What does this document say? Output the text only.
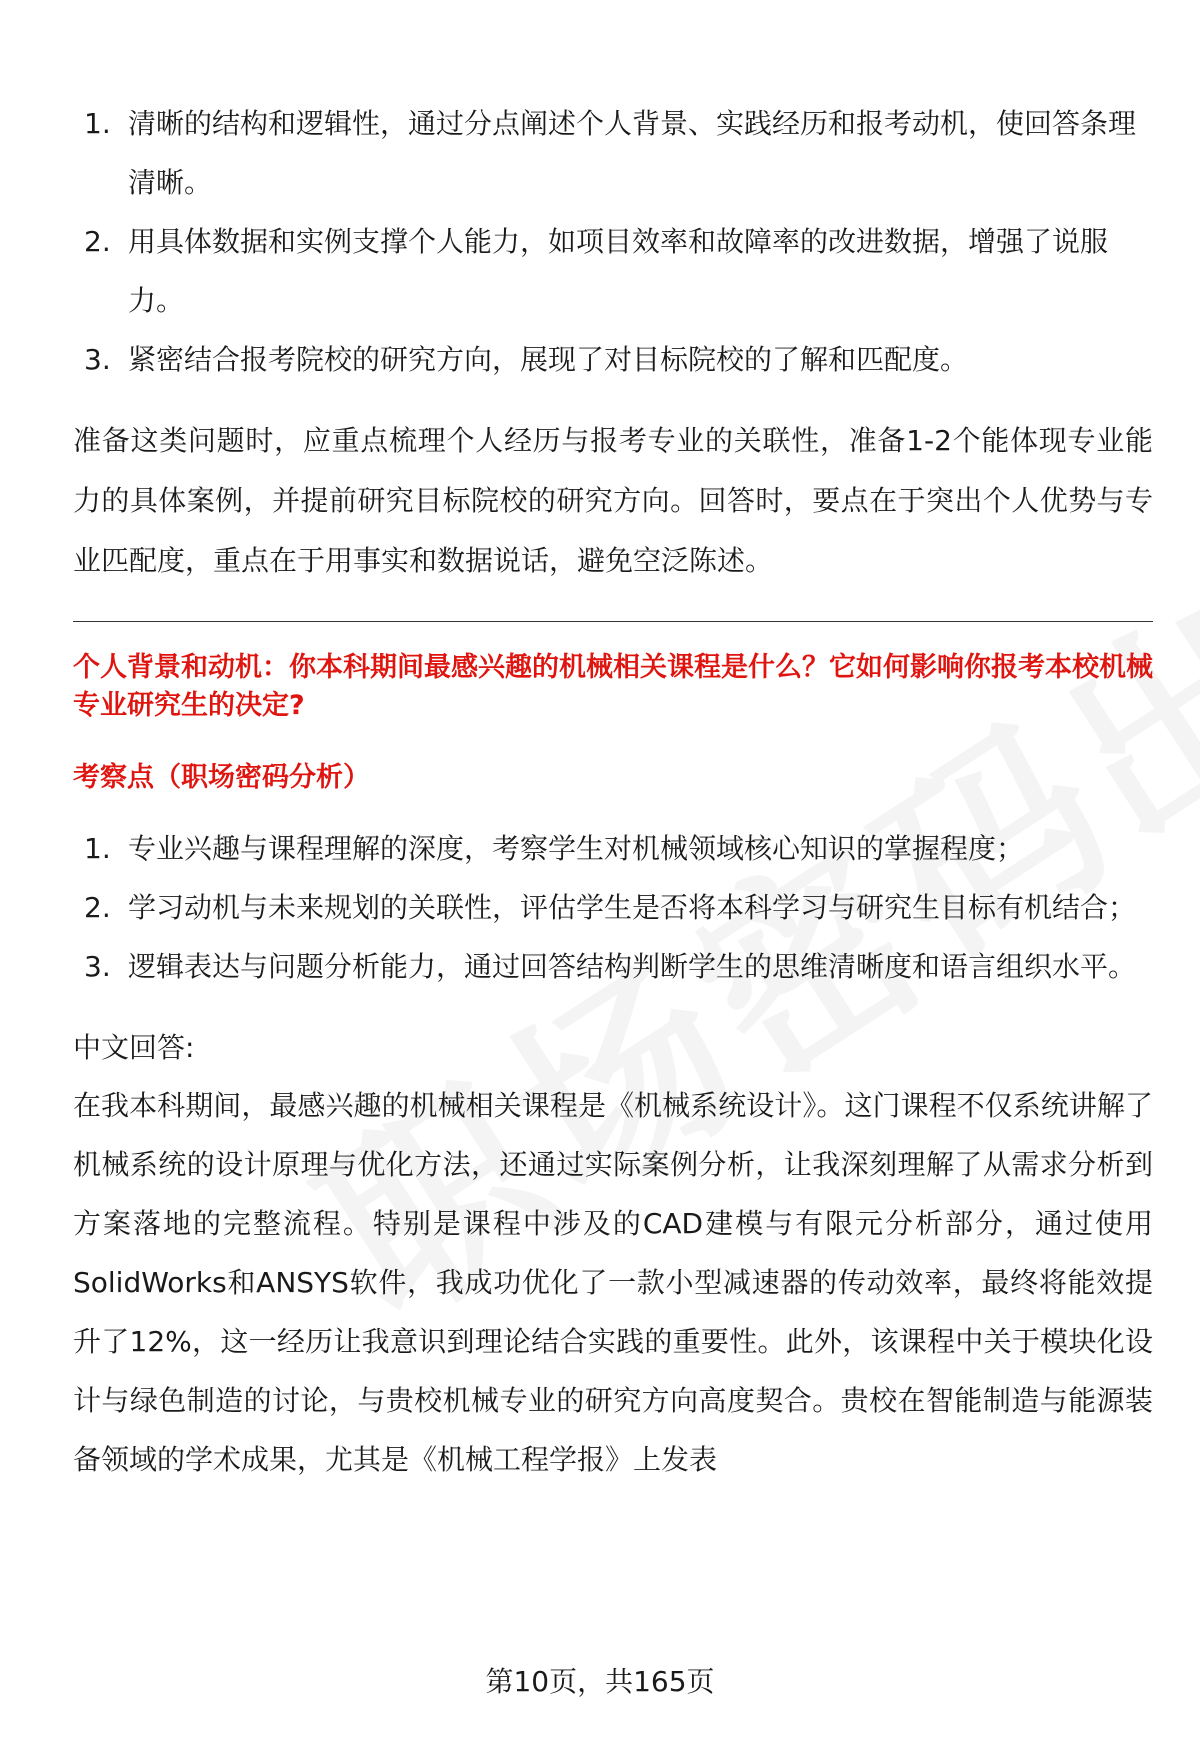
1. 清晰的结构和逻辑性，通过分点阐述个人背景、实践经历和报考动机，使回答条理清晰。
2. 用具体数据和实例支撑个人能力，如项目效率和故障率的改进数据，增强了说服力。
3. 紧密结合报考院校的研究方向，展现了对目标院校的了解和匹配度。

准备这类问题时，应重点梳理个人经历与报考专业的关联性，准备1-2个能体现专业能力的具体案例，并提前研究目标院校的研究方向。回答时，要点在于突出个人优势与专业匹配度，重点在于用事实和数据说话，避免空泛陈述。

个人背景和动机：你本科期间最感兴趣的机械相关课程是什么？它如何影响你报考本校机械专业研究生的决定?

考察点（职场密码分析）

1. 专业兴趣与课程理解的深度，考察学生对机械领域核心知识的掌握程度；
2. 学习动机与未来规划的关联性，评估学生是否将本科学习与研究生目标有机结合；
3. 逻辑表达与问题分析能力，通过回答结构判断学生的思维清晰度和语言组织水平。

中文回答:

在我本科期间，最感兴趣的机械相关课程是《机械系统设计》。这门课程不仅系统讲解了机械系统的设计原理与优化方法，还通过实际案例分析，让我深刻理解了从需求分析到方案落地的完整流程。特别是课程中涉及的CAD建模与有限元分析部分，通过使用SolidWorks和ANSYS软件，我成功优化了一款小型减速器的传动效率，最终将能效提升了12%，这一经历让我意识到理论结合实践的重要性。此外，该课程中关于模块化设计与绿色制造的讨论，与贵校机械专业的研究方向高度契合。贵校在智能制造与能源装备领域的学术成果，尤其是《机械工程学报》上发表

第10页，共165页
